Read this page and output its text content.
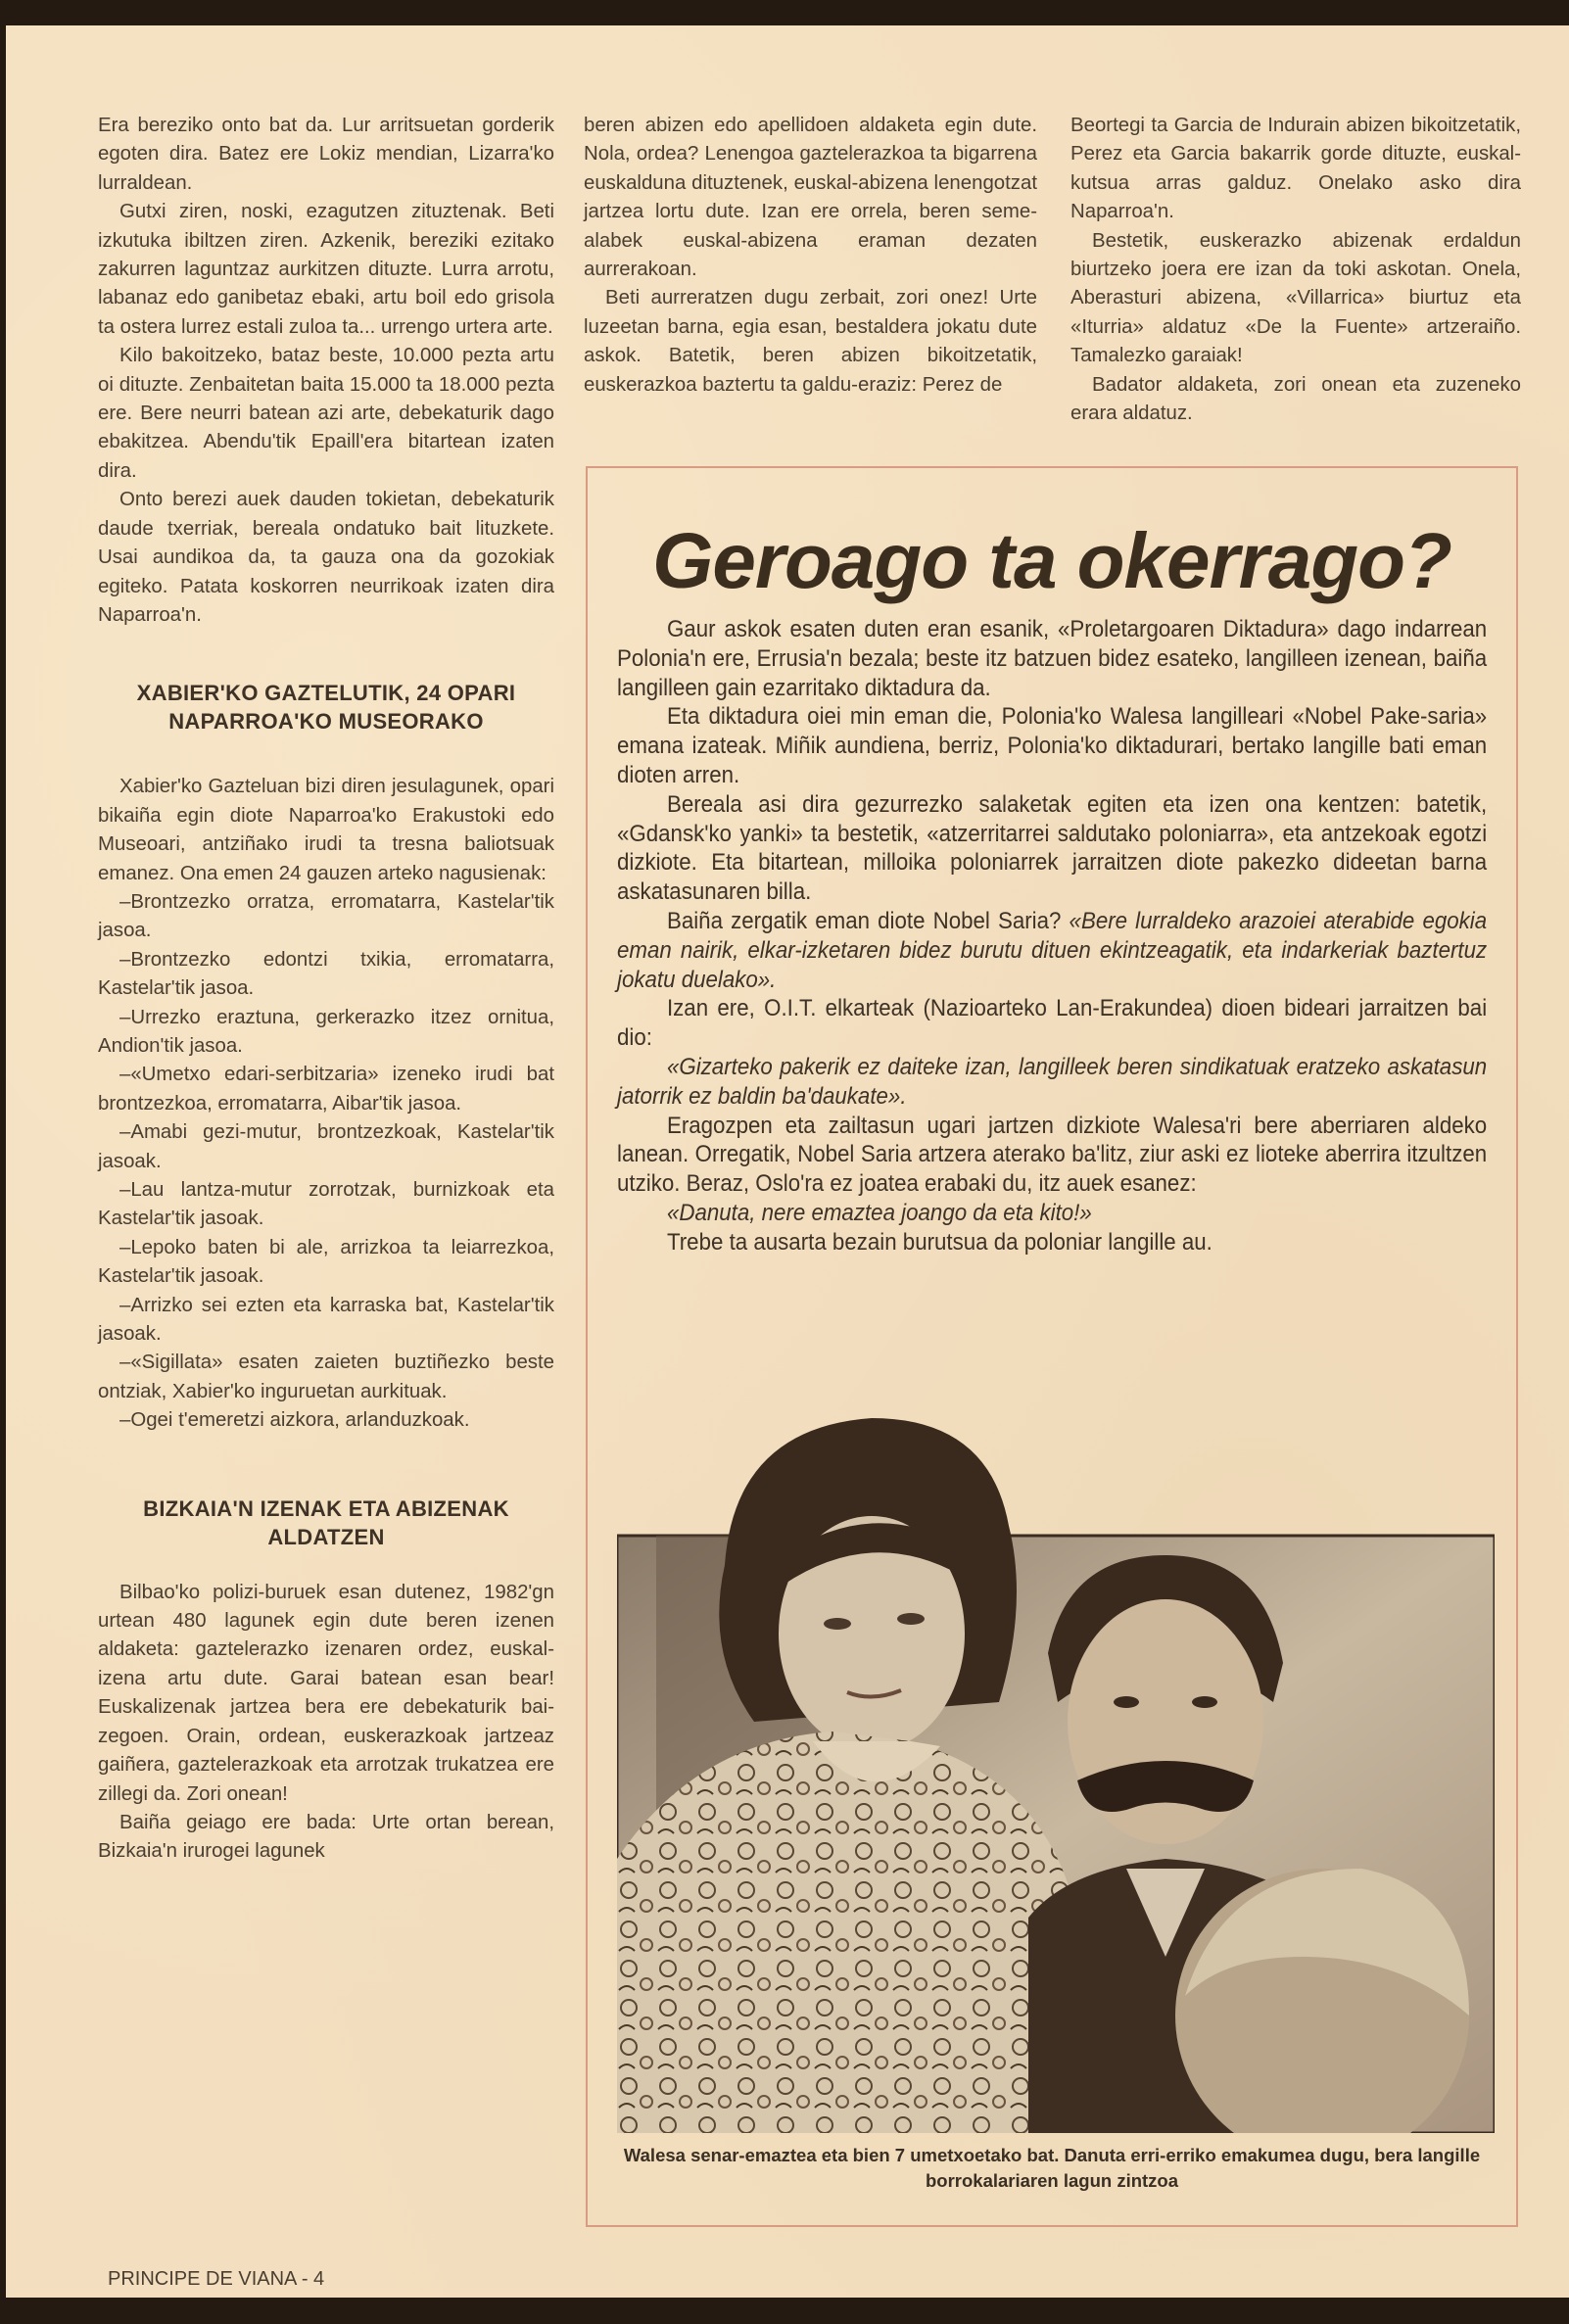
Era bereziko onto bat da. Lur arritsuetan gorderik egoten dira. Batez ere Lokiz mendian, Lizarra'ko lurraldean.

Gutxi ziren, noski, ezagutzen zituztenak. Beti izkutuka ibiltzen ziren. Azkenik, bereziki ezitako zakurren laguntzaz aurkitzen dituzte. Lurra arrotu, labanaz edo ganibetaz ebaki, artu boil edo grisola ta ostera lurrez estali zuloa ta... urrengo urtera arte.

Kilo bakoitzeko, bataz beste, 10.000 pezta artu oi dituzte. Zenbaitetan baita 15.000 ta 18.000 pezta ere. Bere neurri batean azi arte, debekaturik dago ebakitzea. Abendu'tik Epaill'era bitartean izaten dira.

Onto berezi auek dauden tokietan, debekaturik daude txerriak, bereala ondatuko bait lituzkete. Usai aundikoa da, ta gauza ona da gozokiak egiteko. Patata koskorren neurrikoak izaten dira Naparroa'n.

XABIER'KO GAZTELUTIK, 24 OPARI NAPARROA'KO MUSEORAKO

Xabier'ko Gazteluan bizi diren jesulagunek, opari bikaiña egin diote Naparroa'ko Erakustoki edo Museoari, antziñako irudi ta tresna baliotsuak emanez. Ona emen 24 gauzen arteko nagusienak:

–Brontzezko orratza, erromatarra, Kastelar'tik jasoa.

–Brontzezko edontzi txikia, erromatarra, Kastelar'tik jasoa.

–Urrezko eraztuna, gerkerazko itzez ornitua, Andion'tik jasoa.

–«Umetxo edari-serbitzaria» izeneko irudi bat brontzezkoa, erromatarra, Aibar'tik jasoa.

–Amabi gezi-mutur, brontzezkoak, Kastelar'tik jasoak.

–Lau lantza-mutur zorrotzak, burnizkoak eta Kastelar'tik jasoak.

–Lepoko baten bi ale, arrizkoa ta leiarrezkoa, Kastelar'tik jasoak.

–Arrizko sei ezten eta karraska bat, Kastelar'tik jasoak.

–«Sigillata» esaten zaieten buztiñezko beste ontziak, Xabier'ko inguruetan aurkituak.

–Ogei t'emeretzi aizkora, arlanduzkoak.

BIZKAIA'N IZENAK ETA ABIZENAK ALDATZEN

Bilbao'ko polizi-buruek esan dutenez, 1982'gn urtean 480 lagunek egin dute beren izenen aldaketa: gaztelerazko izenaren ordez, euskal-izena artu dute. Garai batean esan bear! Euskalizenak jartzea bera ere debekaturik bai-zegoen. Orain, ordean, euskerazkoak jartzeaz gaiñera, gaztelerazkoak eta arrotzak trukatzea ere zillegi da. Zori onean!

Baiña geiago ere bada: Urte ortan berean, Bizkaia'n irurogei lagunek

beren abizen edo apellidoen aldaketa egin dute. Nola, ordea? Lenengoa gaztelerazkoa ta bigarrena euskalduna dituztenek, euskal-abizena lenengotzat jartzea lortu dute. Izan ere orrela, beren seme-alabek euskal-abizena eraman dezaten aurrerakoan.

Beti aurreratzen dugu zerbait, zori onez! Urte luzeetan barna, egia esan, bestaldera jokatu dute askok. Batetik, beren abizen bikoitzetatik, euskerazkoa baztertu ta galdu-eraziz: Perez de

Beortegi ta Garcia de Indurain abizen bikoitzetatik, Perez eta Garcia bakarrik gorde dituzte, euskal-kutsua arras galduz. Onelako asko dira Naparroa'n.

Bestetik, euskerazko abizenak erdaldun biurtzeko joera ere izan da toki askotan. Onela, Aberasturi abizena, «Villarrica» biurtuz eta «Iturria» aldatuz «De la Fuente» artzeraiño. Tamalezko garaiak!

Badator aldaketa, zori onean eta zuzeneko erara aldatuz.

Geroago ta okerrago?

Gaur askok esaten duten eran esanik, «Proletargoaren Diktadura» dago indarrean Polonia'n ere, Errusia'n bezala; beste itz batzuen bidez esateko, langilleen izenean, baiña langilleen gain ezarritako diktadura da.

Eta diktadura oiei min eman die, Polonia'ko Walesa langilleari «Nobel Pake-saria» emana izateak. Miñik aundiena, berriz, Polonia'ko diktadurari, bertako langille bati eman dioten arren.

Bereala asi dira gezurrezko salaketak egiten eta izen ona kentzen: batetik, «Gdansk'ko yanki» ta bestetik, «atzerritarrei saldutako poloniarra», eta antzekoak egotzi dizkiote. Eta bitartean, milloika poloniarrek jarraitzen diote pakezko dideetan barna askatasunaren billa.

Baiña zergatik eman diote Nobel Saria? «Bere lurraldeko arazoiei aterabide egokia eman nairik, elkar-izketaren bidez burutu dituen ekintzeagatik, eta indarkeriak baztertuz jokatu duelako».

Izan ere, O.I.T. elkarteak (Nazioarteko Lan-Erakundea) dioen bideari jarraitzen bai dio:

«Gizarteko pakerik ez daiteke izan, langilleek beren sindikatuak eratzeko askatasun jatorrik ez baldin ba'daukate».

Eragozpen eta zailtasun ugari jartzen dizkiote Walesa'ri bere aberriaren aldeko lanean. Orregatik, Nobel Saria artzera aterako ba'litz, ziur aski ez lioteke aberrira itzultzen utziko. Beraz, Oslo'ra ez joatea erabaki du, itz auek esanez:

«Danuta, nere emaztea joango da eta kito!»

Trebe ta ausarta bezain burutsua da poloniar langille au.

Walesa senar-emaztea eta bien 7 umetxoetako bat. Danuta erri-erriko emakumea dugu, bera langille borrokalariaren lagun zintzoa
PRINCIPE DE VIANA - 4
